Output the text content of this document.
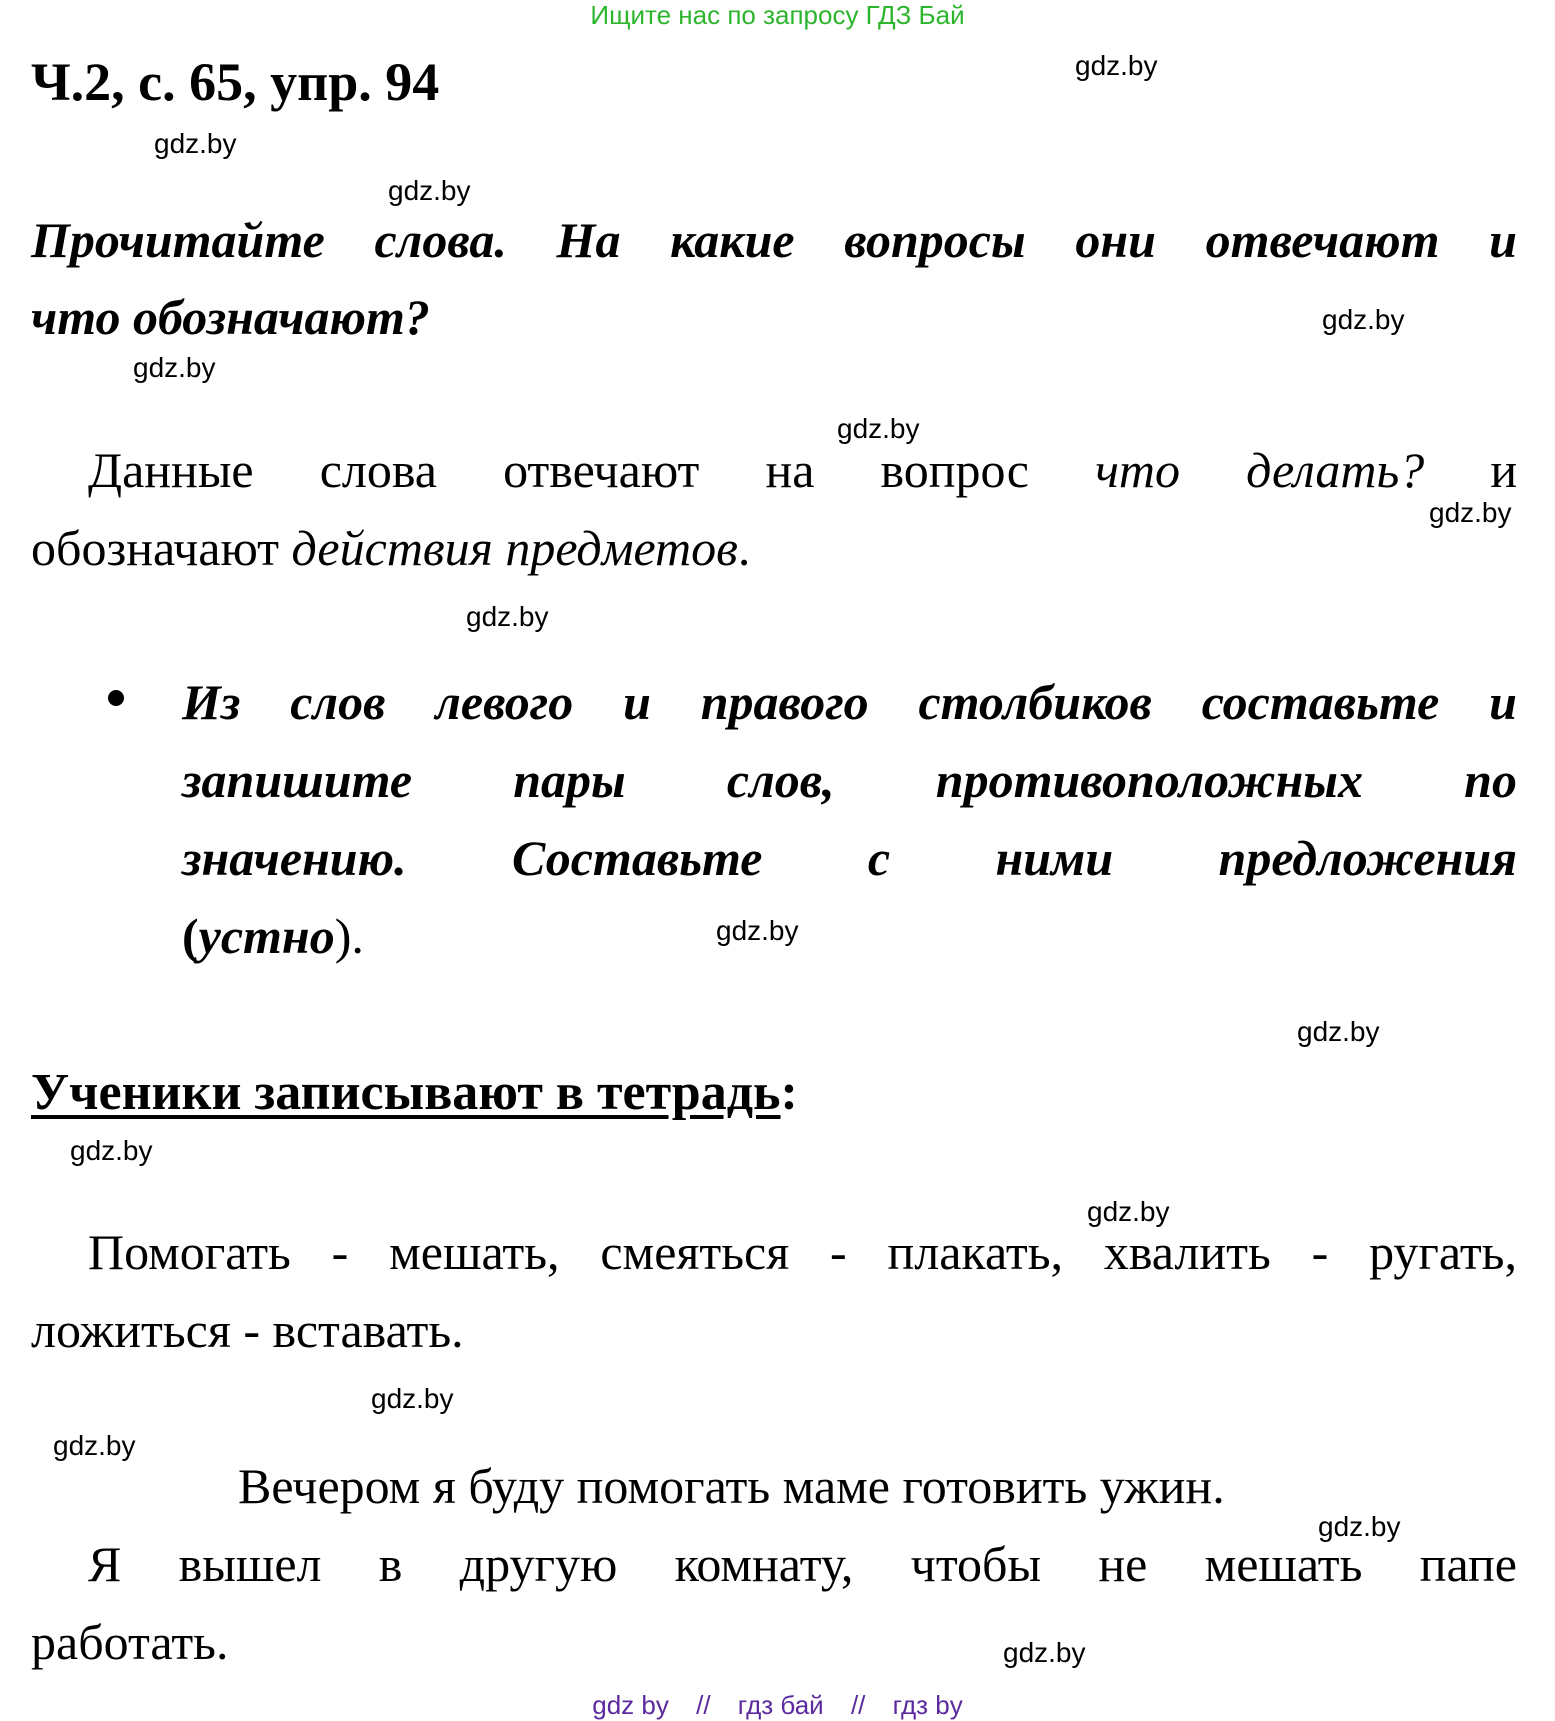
Ищите нас по запросу ГДЗ Бай
Ч.2, с. 65, упр. 94
Прочитайте слова. На какие вопросы они отвечают и
что обозначают?
Данные слова отвечают на вопрос что делать? и
обозначают действия предметов.
Из слов левого и правого столбиков составьте и
запишите пары слов, противоположных по
значению. Составьте с ними предложения
(устно).
Ученики записывают в тетрадь:
Помогать - мешать, смеяться - плакать, хвалить - ругать,
ложиться - вставать.
Вечером я буду помогать маме готовить ужин.
Я вышел в другую комнату, чтобы не мешать папе
работать.
gdz.by
gdz.by
gdz.by
gdz.by
gdz.by
gdz.by
gdz.by
gdz.by
gdz.by
gdz.by
gdz.by
gdz.by
gdz.by
gdz.by
gdz.by
gdz.by
gdz by // гдз бай // гдз by
